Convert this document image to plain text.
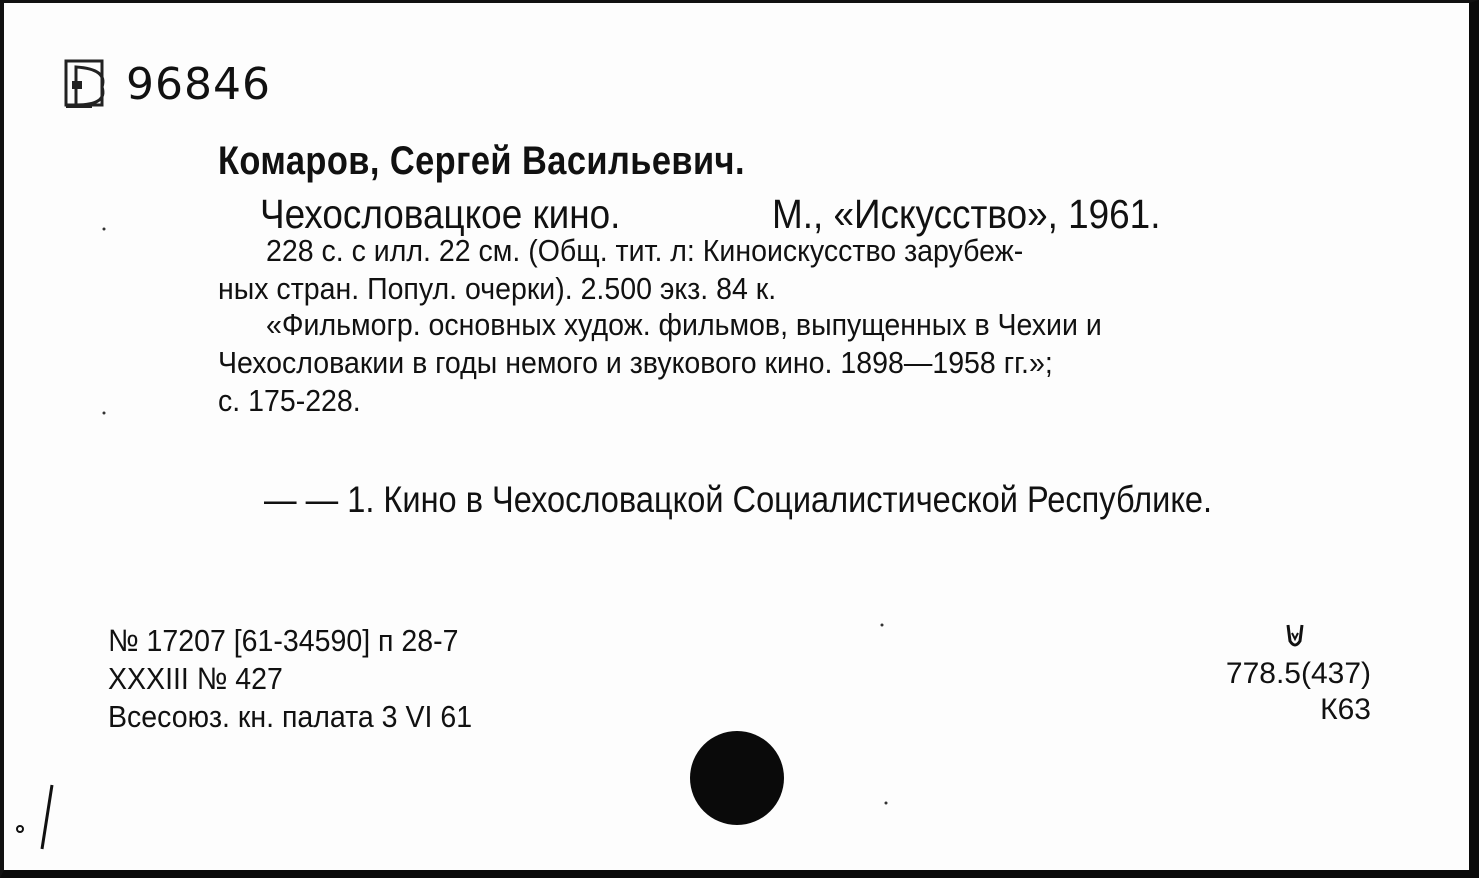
96846
Комаров, Сергей Васильевич.
Чехословацкое кино.	М., «Искусство», 1961.
228 с. с илл. 22 см. (Общ. тит. л: Киноискусство зарубеж-
ных стран. Попул. очерки). 2.500 экз. 84 к.
«Фильмогр. основных худож. фильмов, выпущенных в Чехии и
Чехословакии в годы немого и звукового кино. 1898—1958 гг.»;
с. 175-228.
— — 1. Кино в Чехословацкой Социалистической Республике.
№ 17207 [61-34590] п 28-7
XXXIII № 427
Всесоюз. кн. палата 3 VI 61
778.5(437)
К63
